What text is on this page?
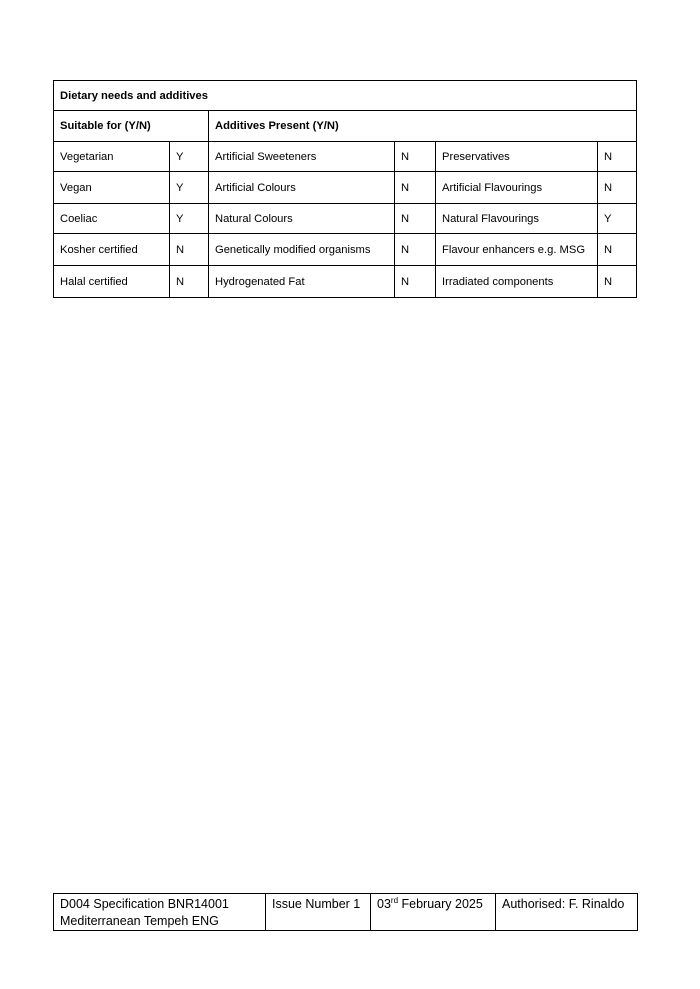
Dietary needs and additives					
Suitable for (Y/N)		Additives Present (Y/N)			
Vegetarian	Y	Artificial Sweeteners	N	Preservatives	N
Vegan	Y	Artificial Colours	N	Artificial Flavourings	N
Coeliac	Y	Natural Colours	N	Natural Flavourings	Y
Kosher certified	N	Genetically modified organisms	N	Flavour enhancers e.g. MSG	N
Halal certified	N	Hydrogenated Fat	N	Irradiated components	N
D004 Specification BNR14001
Mediterranean Tempeh ENG	Issue Number 1	03rd February 2025	Authorised: F. Rinaldo
